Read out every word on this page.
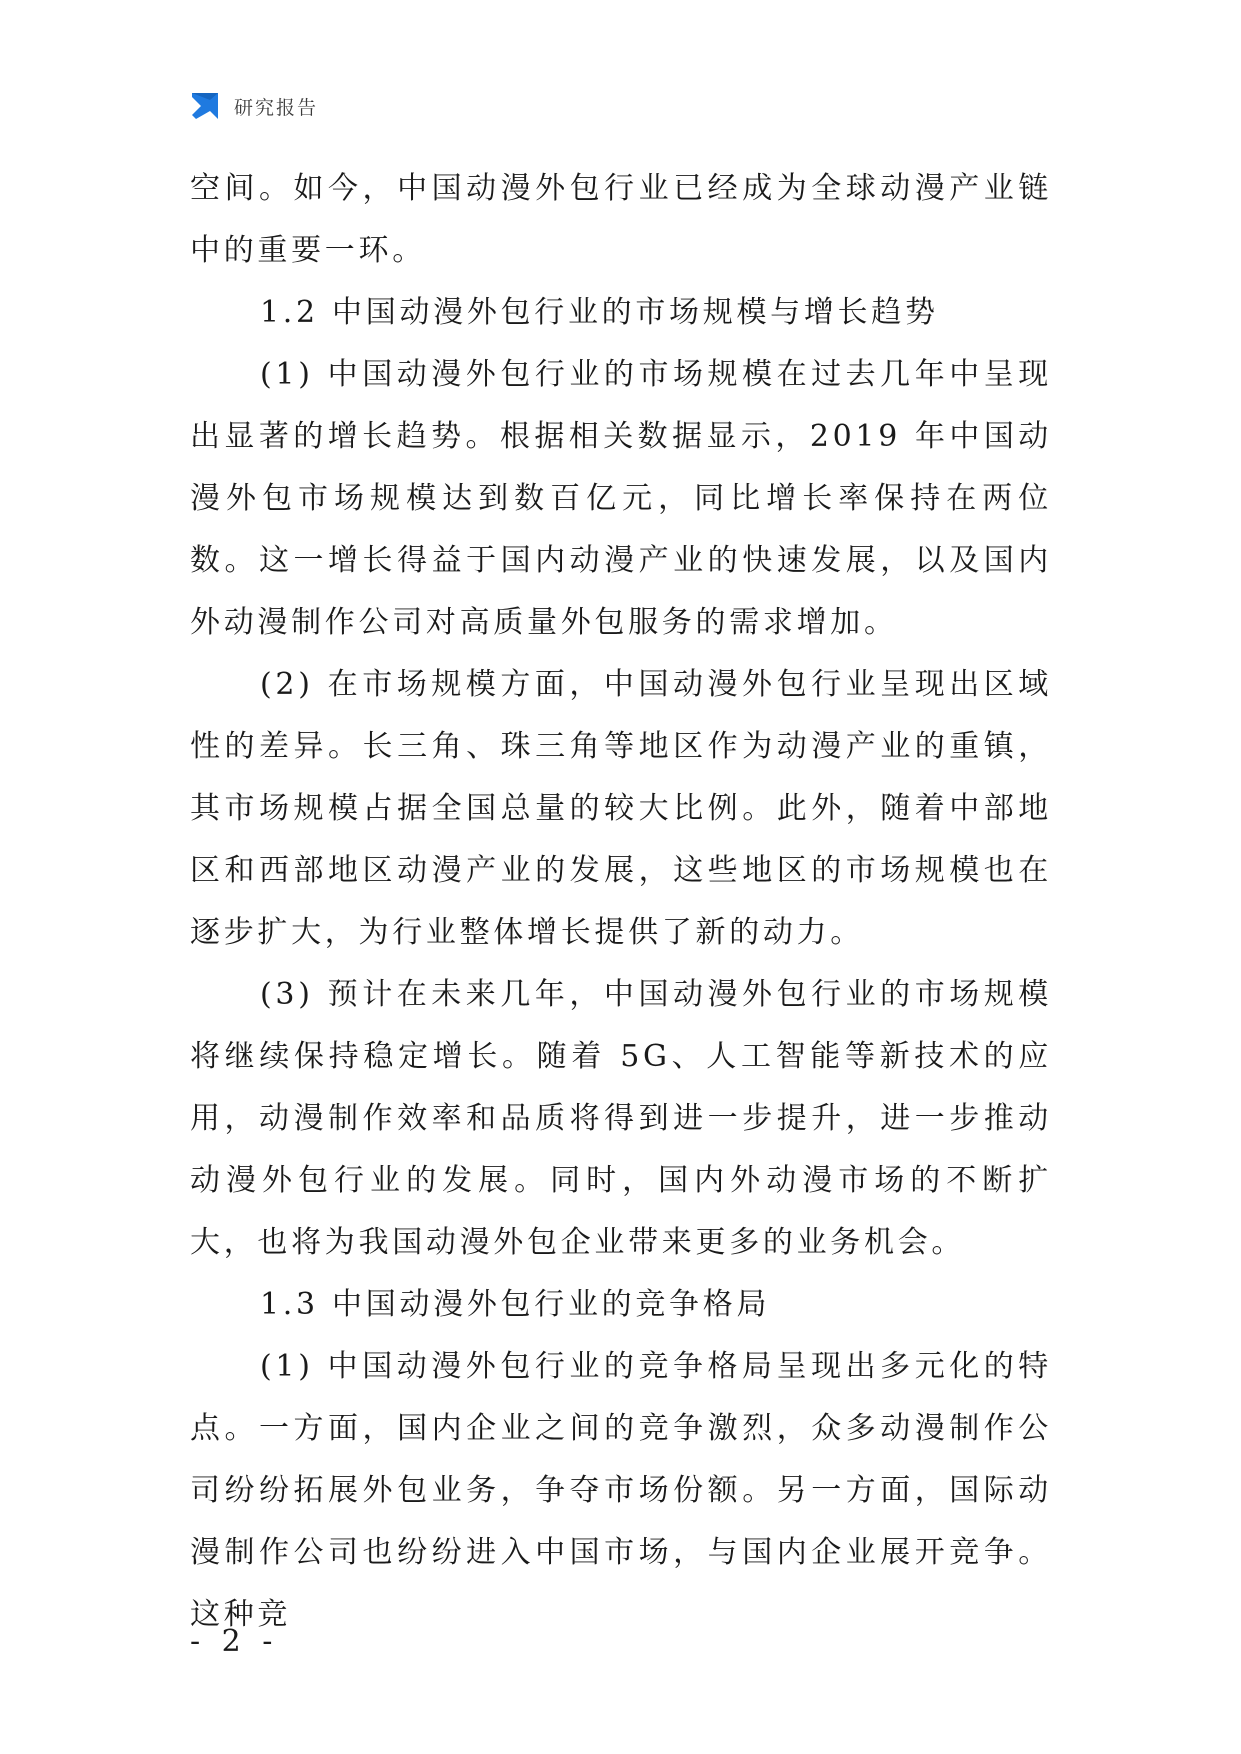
研究报告

空间。如今，中国动漫外包行业已经成为全球动漫产业链中的重要一环。

1.2 中国动漫外包行业的市场规模与增长趋势

(1) 中国动漫外包行业的市场规模在过去几年中呈现出显著的增长趋势。根据相关数据显示，2019 年中国动漫外包市场规模达到数百亿元，同比增长率保持在两位数。这一增长得益于国内动漫产业的快速发展，以及国内外动漫制作公司对高质量外包服务的需求增加。

(2) 在市场规模方面，中国动漫外包行业呈现出区域性的差异。长三角、珠三角等地区作为动漫产业的重镇，其市场规模占据全国总量的较大比例。此外，随着中部地区和西部地区动漫产业的发展，这些地区的市场规模也在逐步扩大，为行业整体增长提供了新的动力。

(3) 预计在未来几年，中国动漫外包行业的市场规模将继续保持稳定增长。随着 5G、人工智能等新技术的应用，动漫制作效率和品质将得到进一步提升，进一步推动动漫外包行业的发展。同时，国内外动漫市场的不断扩大，也将为我国动漫外包企业带来更多的业务机会。

1.3 中国动漫外包行业的竞争格局

(1) 中国动漫外包行业的竞争格局呈现出多元化的特点。一方面，国内企业之间的竞争激烈，众多动漫制作公司纷纷拓展外包业务，争夺市场份额。另一方面，国际动漫制作公司也纷纷进入中国市场，与国内企业展开竞争。这种竞

- 2 -
